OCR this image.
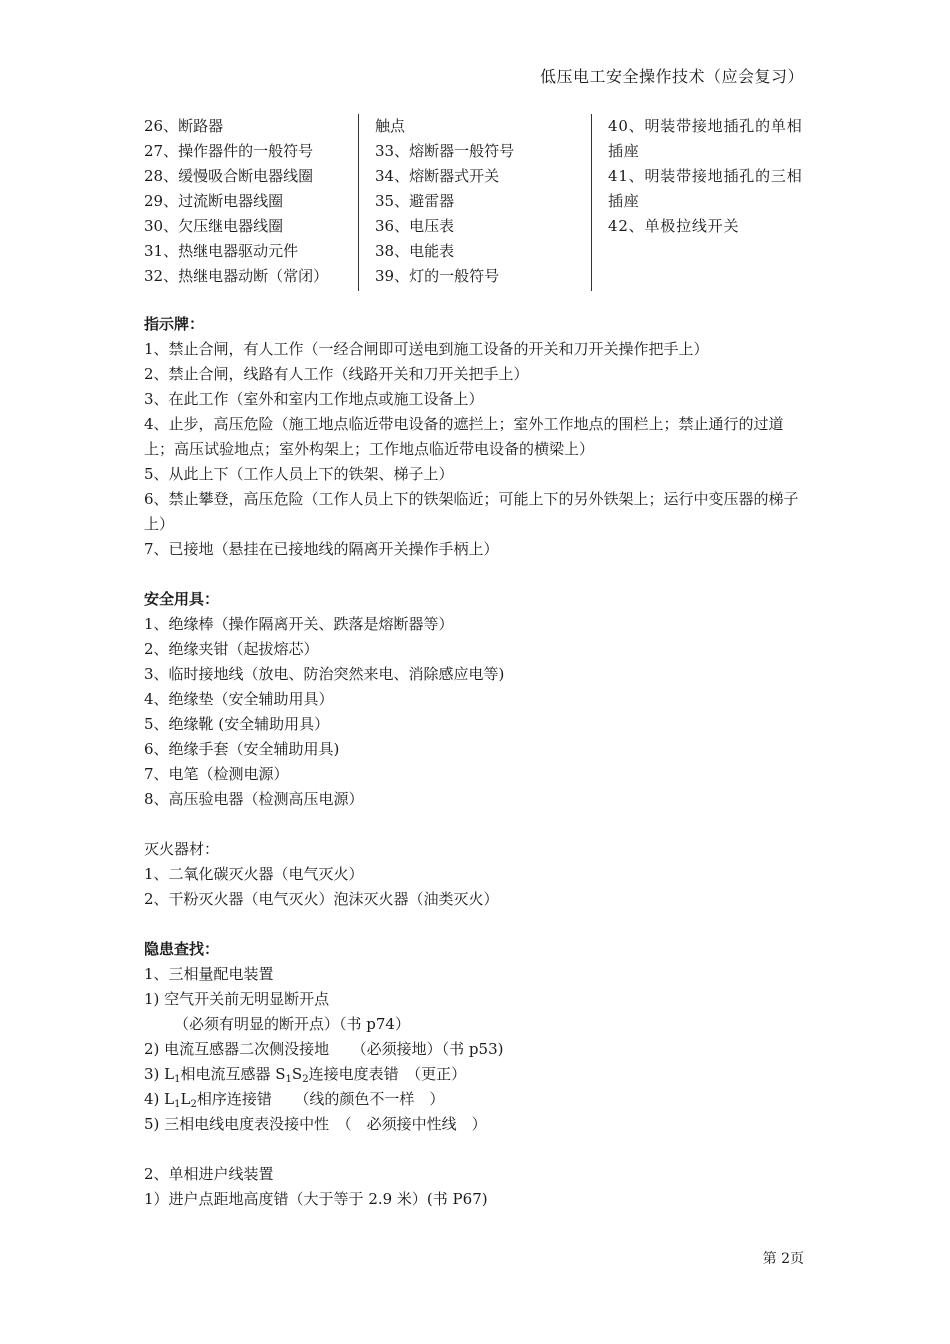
低压电工安全操作技术（应会复习）
26、断路器
27、操作器件的一般符号
28、缓慢吸合断电器线圈
29、过流断电器线圈
30、欠压继电器线圈
31、热继电器驱动元件
32、热继电器动断（常闭）
触点
33、熔断器一般符号
34、熔断器式开关
35、避雷器
36、电压表
38、电能表
39、灯的一般符号
40、明装带接地插孔的单相插座
41、明装带接地插孔的三相插座
42、单极拉线开关

指示牌：

1、禁止合闸，有人工作（一经合闸即可送电到施工设备的开关和刀开关操作把手上）

2、禁止合闸，线路有人工作（线路开关和刀开关把手上）

3、在此工作（室外和室内工作地点或施工设备上）

4、止步，高压危险（施工地点临近带电设备的遮拦上；室外工作地点的围栏上；禁止通行的过道上；高压试验地点；室外构架上；工作地点临近带电设备的横梁上）

5、从此上下（工作人员上下的铁架、梯子上）

6、禁止攀登，高压危险（工作人员上下的铁架临近；可能上下的另外铁架上；运行中变压器的梯子上）

7、已接地（悬挂在已接地线的隔离开关操作手柄上）

安全用具：

1、绝缘棒（操作隔离开关、跌落是熔断器等）

2、绝缘夹钳（起拔熔芯）

3、临时接地线（放电、防治突然来电、消除感应电等)

4、绝缘垫（安全辅助用具）

5、绝缘靴 (安全辅助用具）

6、绝缘手套（安全辅助用具)

7、电笔（检测电源）

8、高压验电器（检测高压电源）

灭火器材：

1、二氧化碳灭火器（电气灭火）

2、干粉灭火器（电气灭火）泡沫灭火器（油类灭火）

隐患查找：

1、三相量配电装置

1) 空气开关前无明显断开点

（必须有明显的断开点）（书 p74）

2) 电流互感器二次侧没接地　　（必须接地）（书 p53)

3) $L_1$相电流互感器 $S_1S_2$连接电度表错　（更正）

4) $L_1L_2$相序连接错　　（线的颜色不一样　）

5) 三相电线电度表没接中性　（　必须接中性线　）

2、单相进户线装置

1）进户点距地高度错（大于等于 2.9 米）(书 P67)

第 2页
